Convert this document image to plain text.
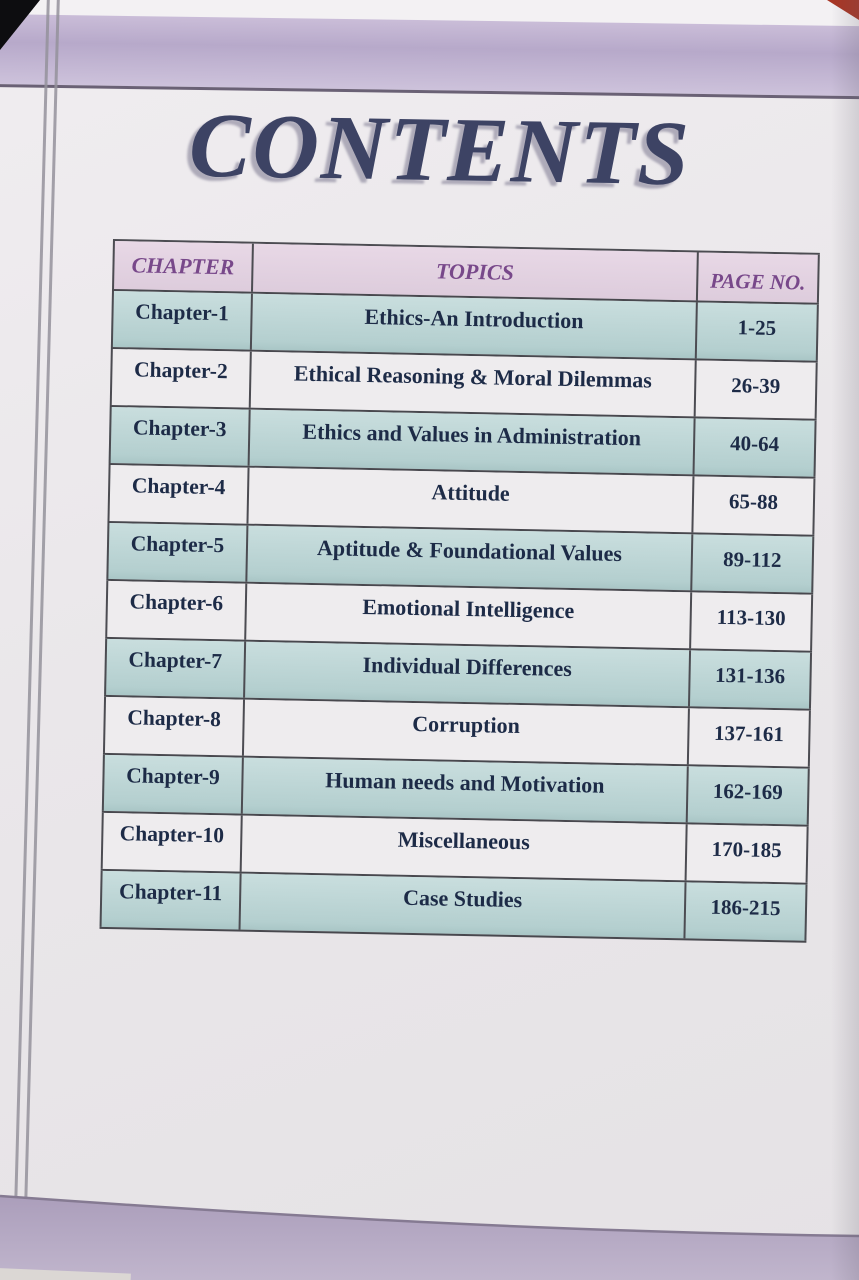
CONTENTS
CHAPTER	TOPICS	PAGE NO.
Chapter-1	Ethics-An Introduction	1-25
Chapter-2	Ethical Reasoning & Moral Dilemmas	26-39
Chapter-3	Ethics and Values in Administration	40-64
Chapter-4	Attitude	65-88
Chapter-5	Aptitude & Foundational Values	89-112
Chapter-6	Emotional Intelligence	113-130
Chapter-7	Individual Differences	131-136
Chapter-8	Corruption	137-161
Chapter-9	Human needs and Motivation	162-169
Chapter-10	Miscellaneous	170-185
Chapter-11	Case Studies	186-215
